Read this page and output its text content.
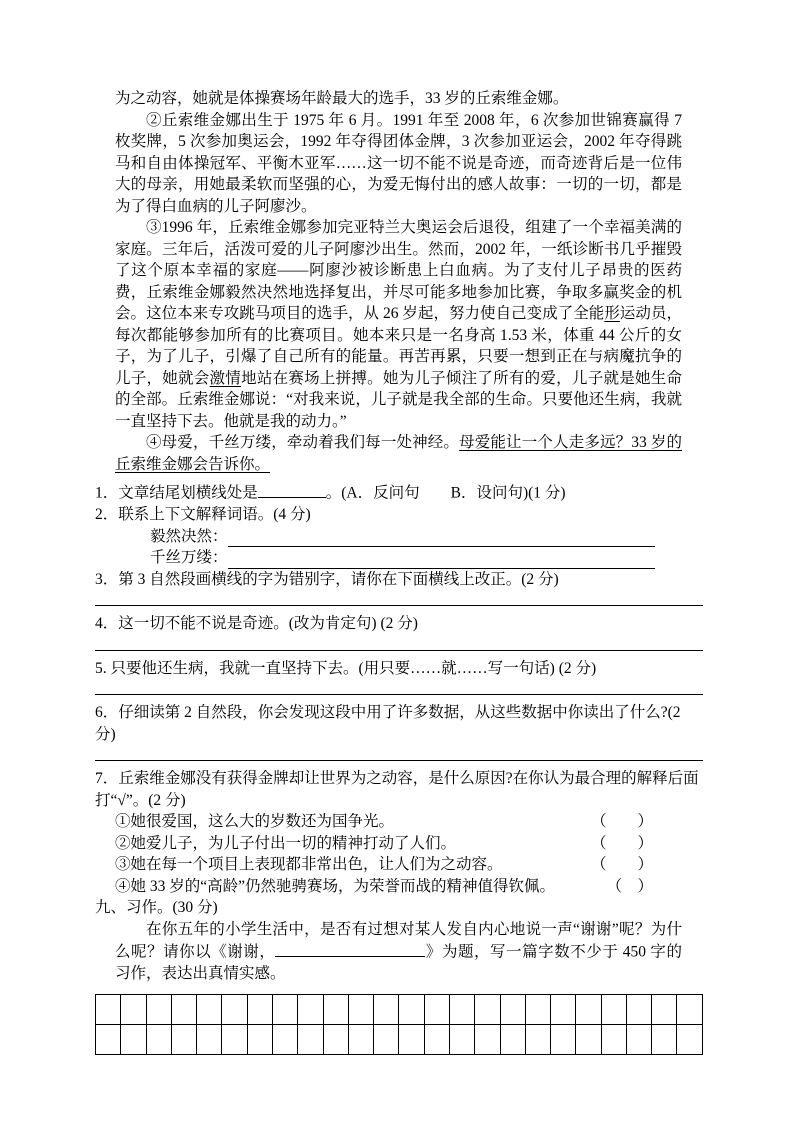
为之动容，她就是体操赛场年龄最大的选手，33 岁的丘索维金娜。

②丘索维金娜出生于 1975 年 6 月。1991 年至 2008 年，6 次参加世锦赛赢得 7 枚奖牌，5 次参加奥运会，1992 年夺得团体金牌，3 次参加亚运会，2002 年夺得跳马和自由体操冠军、平衡木亚军……这一切不能不说是奇迹，而奇迹背后是一位伟大的母亲，用她最柔软而坚强的心，为爱无悔付出的感人故事：一切的一切，都是为了得白血病的儿子阿廖沙。

③1996 年，丘索维金娜参加完亚特兰大奥运会后退役，组建了一个幸福美满的家庭。三年后，活泼可爱的儿子阿廖沙出生。然而，2002 年，一纸诊断书几乎摧毁了这个原本幸福的家庭——阿廖沙被诊断患上白血病。为了支付儿子昂贵的医药费，丘索维金娜毅然决然地选择复出，并尽可能多地参加比赛，争取多赢奖金的机会。这位本来专攻跳马项目的选手，从 26 岁起，努力使自己变成了全能形运动员，每次都能够参加所有的比赛项目。她本来只是一名身高 1.53 米，体重 44 公斤的女子，为了儿子，引爆了自己所有的能量。再苦再累，只要一想到正在与病魔抗争的儿子，她就会激情地站在赛场上拼搏。她为儿子倾注了所有的爱，儿子就是她生命的全部。丘索维金娜说：“对我来说，儿子就是我全部的生命。只要他还生病，我就一直坚持下去。他就是我的动力。”

④母爱，千丝万缕，牵动着我们每一处神经。母爱能让一个人走多远？33 岁的丘索维金娜会告诉你。

1．文章结尾划横线处是	。(A．反问句　　B．设问句)(1 分)
2．联系上下文解释词语。(4 分)
毅然决然：
千丝万缕：
3．第 3 自然段画横线的字为错别字，请你在下面横线上改正。(2 分)
4．这一切不能不说是奇迹。(改为肯定句) (2 分)
5. 只要他还生病，我就一直坚持下去。(用只要……就……写一句话) (2 分)
6．仔细读第 2 自然段，你会发现这段中用了许多数据，从这些数据中你读出了什么?(2 分)
7．丘索维金娜没有获得金牌却让世界为之动容，是什么原因?在你认为最合理的解释后面打“√”。(2 分)
①她很爱国，这么大的岁数还为国争光。	（　　）
②她爱儿子，为儿子付出一切的精神打动了人们。	（　　）
③她在每一个项目上表现都非常出色，让人们为之动容。	（　　）
④她 33 岁的“高龄”仍然驰骋赛场，为荣誉而战的精神值得钦佩。	（　）
九、习作。(30 分)

在你五年的小学生活中，是否有过想对某人发自内心地说一声“谢谢”呢？为什么呢？请你以《谢谢，	》为题，写一篇字数不少于 450 字的习作，表达出真情实感。
